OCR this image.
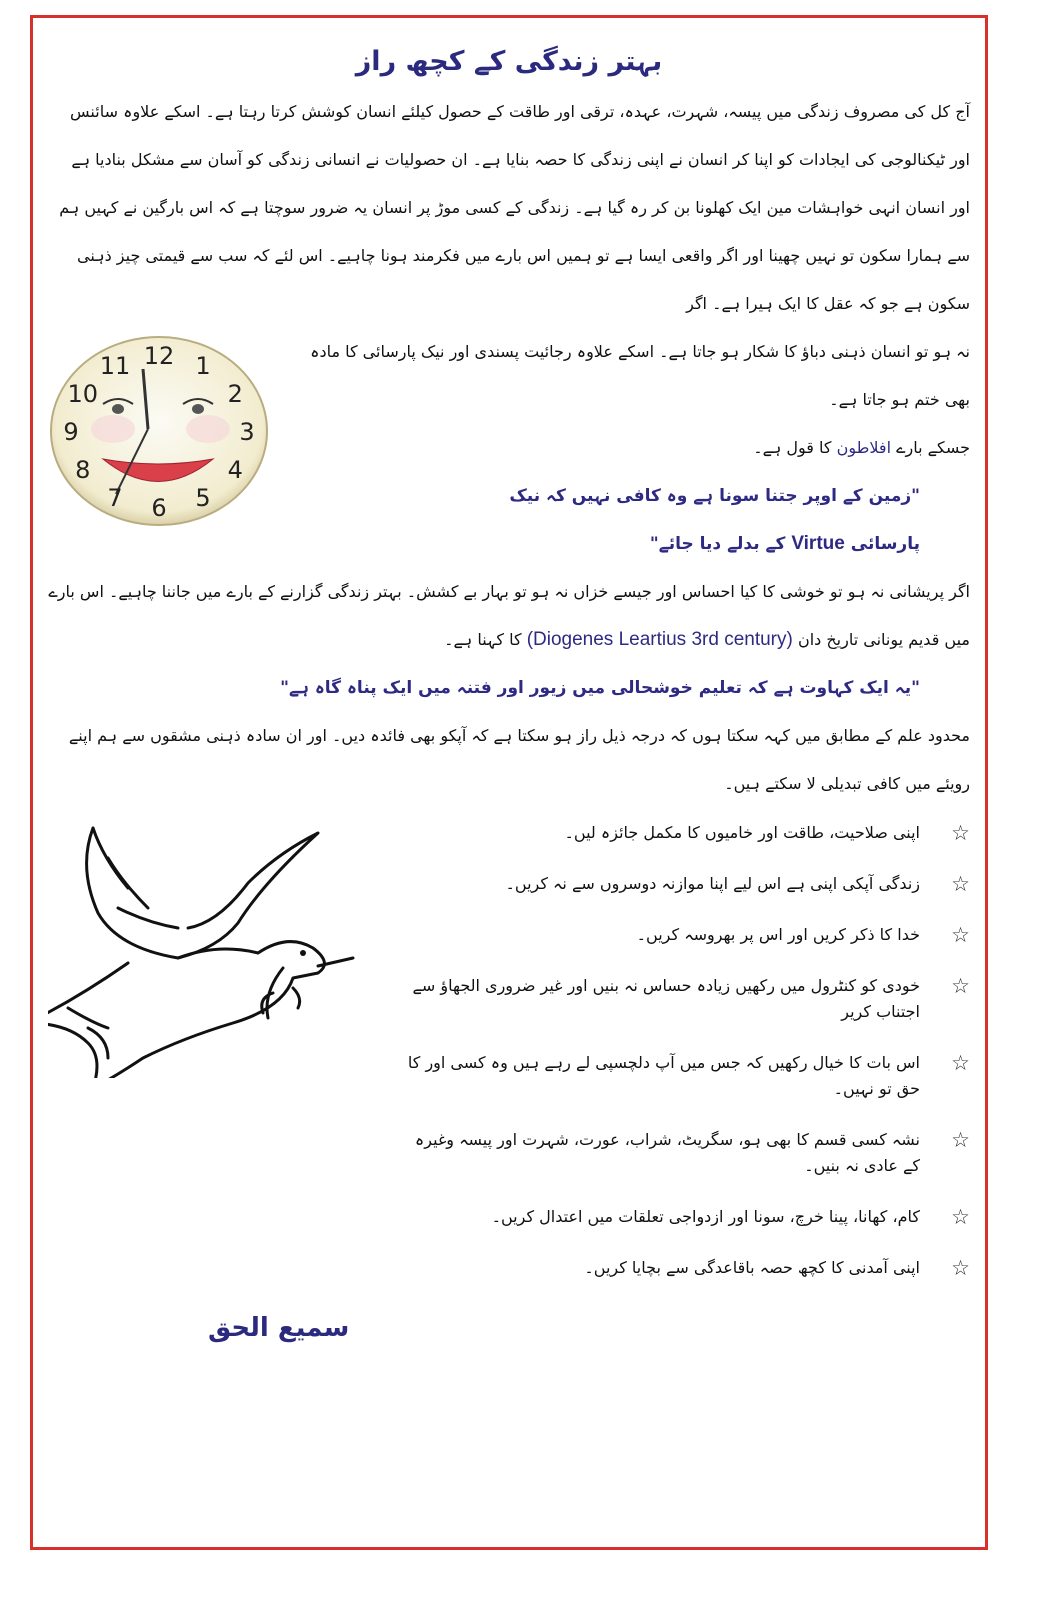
بہتر زندگی کے کچھ راز

آج کل کی مصروف زندگی میں پیسہ، شہرت، عہدہ، ترقی اور طاقت کے حصول کیلئے انسان کوشش کرتا رہتا ہے۔ اسکے علاوہ سائنس اور ٹیکنالوجی کی ایجادات کو اپنا کر انسان نے اپنی زندگی کا حصہ بنایا ہے۔ ان حصولیات نے انسانی زندگی کو آسان سے مشکل بنادیا ہے اور انسان انہی خواہشات مین ایک کھلونا بن کر رہ گیا ہے۔ زندگی کے کسی موڑ پر انسان یہ ضرور سوچتا ہے کہ اس بارگین نے کہیں ہم سے ہمارا سکون تو نہیں چھینا اور اگر واقعی ایسا ہے تو ہمیں اس بارے میں فکرمند ہونا چاہیے۔ اس لئے کہ سب سے قیمتی چیز ذہنی سکون ہے جو کہ عقل کا ایک ہیرا ہے۔ اگر

12 1
2
3
4
5
6
7
8
9
10
11

نہ ہو تو انسان ذہنی دباؤ کا شکار ہو جاتا ہے۔ اسکے علاوہ رجائیت پسندی اور نیک پارسائی کا مادہ بھی ختم ہو جاتا ہے۔

جسکے بارے افلاطون کا قول ہے۔

"زمین کے اوپر جتنا سونا ہے وہ کافی نہیں کہ نیک

پارسائی Virtue کے بدلے دیا جائے"

اگر پریشانی نہ ہو تو خوشی کا کیا احساس اور جیسے خزاں نہ ہو تو بہار بے کشش۔ بہتر زندگی گزارنے کے بارے میں جاننا چاہیے۔ اس بارے میں قدیم یونانی تاریخ دان (Diogenes Leartius 3rd century) کا کہنا ہے۔

"یہ ایک کہاوت ہے کہ تعلیم خوشحالی میں زیور اور فتنہ میں ایک پناہ گاہ ہے"

محدود علم کے مطابق میں کہہ سکتا ہوں کہ درجہ ذیل راز ہو سکتا ہے کہ آپکو بھی فائدہ دیں۔ اور ان سادہ ذہنی مشقوں سے ہم اپنے رویئے میں کافی تبدیلی لا سکتے ہیں۔

☆اپنی صلاحیت، طاقت اور خامیوں کا مکمل جائزہ لیں۔
☆زندگی آپکی اپنی ہے اس لیے اپنا موازنہ دوسروں سے نہ کریں۔
☆خدا کا ذکر کریں اور اس پر بھروسہ کریں۔
☆خودی کو کنٹرول میں رکھیں زیادہ حساس نہ بنیں اور غیر ضروری الجھاؤ سے اجتناب کریر
☆اس بات کا خیال رکھیں کہ جس میں آپ دلچسپی لے رہے ہیں وہ کسی اور کا حق تو نہیں۔
☆نشہ کسی قسم کا بھی ہو، سگریٹ، شراب، عورت، شہرت اور پیسہ وغیرہ کے عادی نہ بنیں۔
☆کام، کھانا، پینا خرچ، سونا اور ازدواجی تعلقات میں اعتدال کریں۔
☆اپنی آمدنی کا کچھ حصہ باقاعدگی سے بچایا کریں۔
سمیع الحق
